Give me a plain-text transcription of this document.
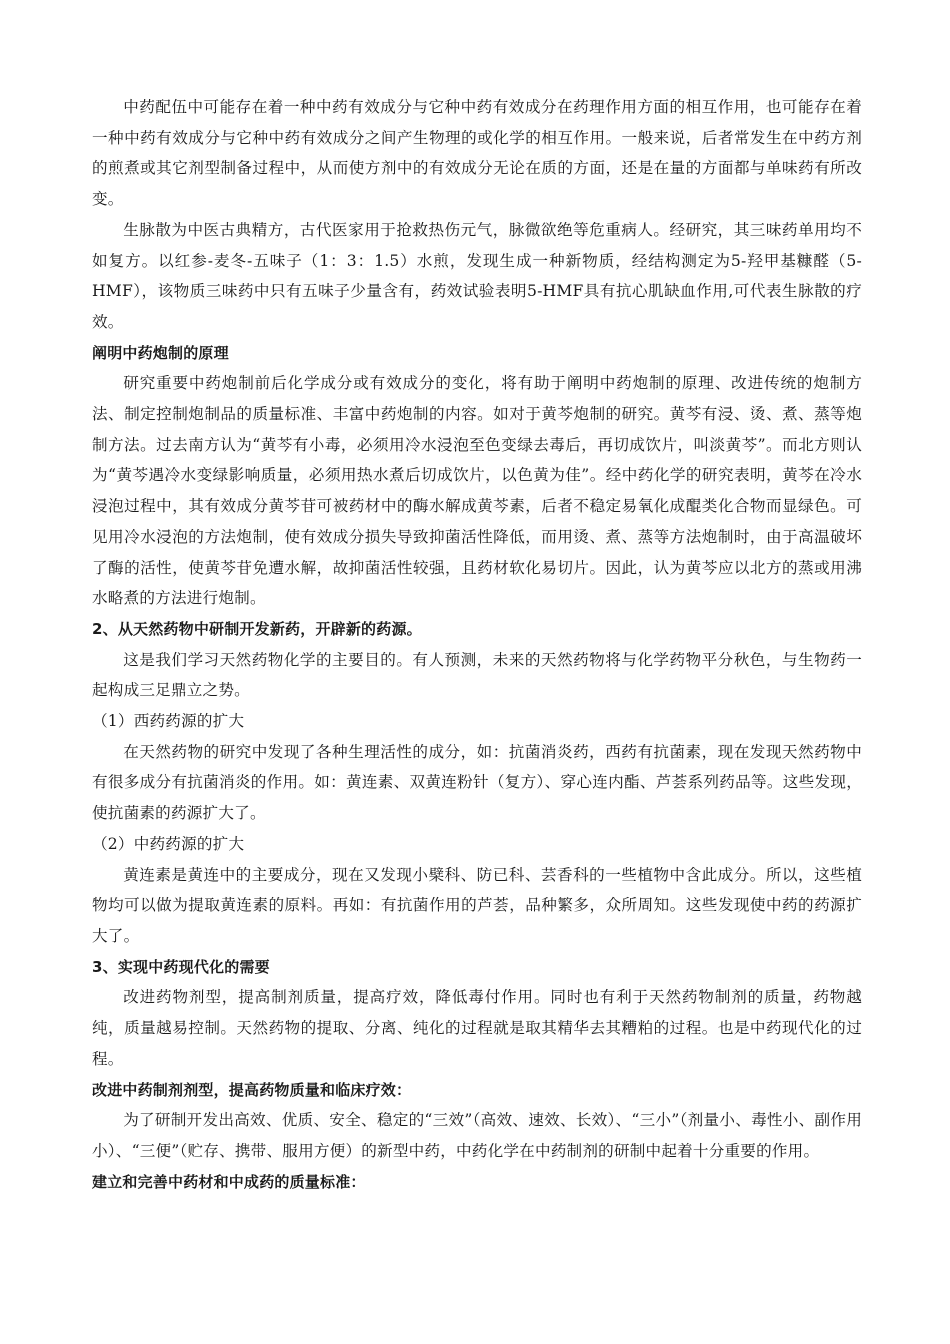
中药配伍中可能存在着一种中药有效成分与它种中药有效成分在药理作用方面的相互作用，也可能存在着一种中药有效成分与它种中药有效成分之间产生物理的或化学的相互作用。一般来说，后者常发生在中药方剂的煎煮或其它剂型制备过程中，从而使方剂中的有效成分无论在质的方面，还是在量的方面都与单味药有所改变。

生脉散为中医古典精方，古代医家用于抢救热伤元气，脉微欲绝等危重病人。经研究，其三味药单用均不如复方。以红参-麦冬-五味子（1：3：1.5）水煎，发现生成一种新物质，经结构测定为5-羟甲基糠醛（5-HMF），该物质三味药中只有五味子少量含有，药效试验表明5-HMF具有抗心肌缺血作用,可代表生脉散的疗效。

阐明中药炮制的原理

研究重要中药炮制前后化学成分或有效成分的变化，将有助于阐明中药炮制的原理、改进传统的炮制方法、制定控制炮制品的质量标准、丰富中药炮制的内容。如对于黄芩炮制的研究。黄芩有浸、烫、煮、蒸等炮制方法。过去南方认为“黄芩有小毒，必须用冷水浸泡至色变绿去毒后，再切成饮片，叫淡黄芩”。而北方则认为“黄芩遇冷水变绿影响质量，必须用热水煮后切成饮片，以色黄为佳”。经中药化学的研究表明，黄芩在冷水浸泡过程中，其有效成分黄芩苷可被药材中的酶水解成黄芩素，后者不稳定易氧化成醌类化合物而显绿色。可见用冷水浸泡的方法炮制，使有效成分损失导致抑菌活性降低，而用烫、煮、蒸等方法炮制时，由于高温破坏了酶的活性，使黄芩苷免遭水解，故抑菌活性较强，且药材软化易切片。因此，认为黄芩应以北方的蒸或用沸水略煮的方法进行炮制。

2、从天然药物中研制开发新药，开辟新的药源。

这是我们学习天然药物化学的主要目的。有人预测，未来的天然药物将与化学药物平分秋色，与生物药一起构成三足鼎立之势。

（1）西药药源的扩大

在天然药物的研究中发现了各种生理活性的成分，如：抗菌消炎药，西药有抗菌素，现在发现天然药物中有很多成分有抗菌消炎的作用。如：黄连素、双黄连粉针（复方）、穿心连内酯、芦荟系列药品等。这些发现，使抗菌素的药源扩大了。

（2）中药药源的扩大

黄连素是黄连中的主要成分，现在又发现小檗科、防已科、芸香科的一些植物中含此成分。所以，这些植物均可以做为提取黄连素的原料。再如：有抗菌作用的芦荟，品种繁多，众所周知。这些发现使中药的药源扩大了。

3、实现中药现代化的需要

改进药物剂型，提高制剂质量，提高疗效，降低毒付作用。同时也有利于天然药物制剂的质量，药物越纯，质量越易控制。天然药物的提取、分离、纯化的过程就是取其精华去其糟粕的过程。也是中药现代化的过程。

改进中药制剂剂型，提高药物质量和临床疗效：

为了研制开发出高效、优质、安全、稳定的“三效”（高效、速效、长效）、“三小”（剂量小、毒性小、副作用小）、“三便”（贮存、携带、服用方便）的新型中药，中药化学在中药制剂的研制中起着十分重要的作用。

建立和完善中药材和中成药的质量标准：
